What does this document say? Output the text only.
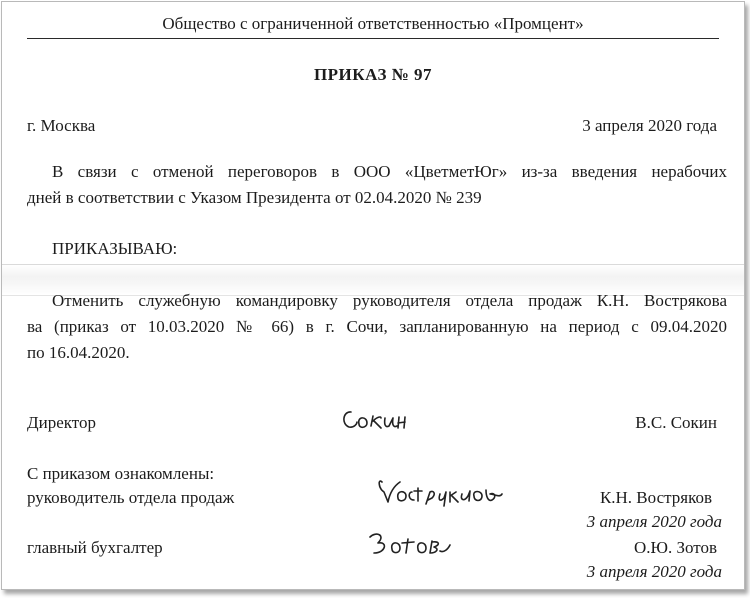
Общество с ограниченной ответственностью «Промцент»
ПРИКАЗ № 97
г. Москва	3 апреля 2020 года
В связи с отменой переговоров в ООО «ЦветметЮг» из-за введения нерабочих
дней в соответствии с Указом Президента от 02.04.2020 № 239
ПРИКАЗЫВАЮ:
Отменить служебную командировку руководителя отдела продаж К.Н. Вострякова
ва (приказ от 10.03.2020 № 66) в г. Сочи, запланированную на период с 09.04.2020
по 16.04.2020.
Директор	В.С. Сокин
С приказом ознакомлены:
руководитель отдела продаж	К.Н. Востряков
3 апреля 2020 года
главный бухгалтер	О.Ю. Зотов
3 апреля 2020 года
